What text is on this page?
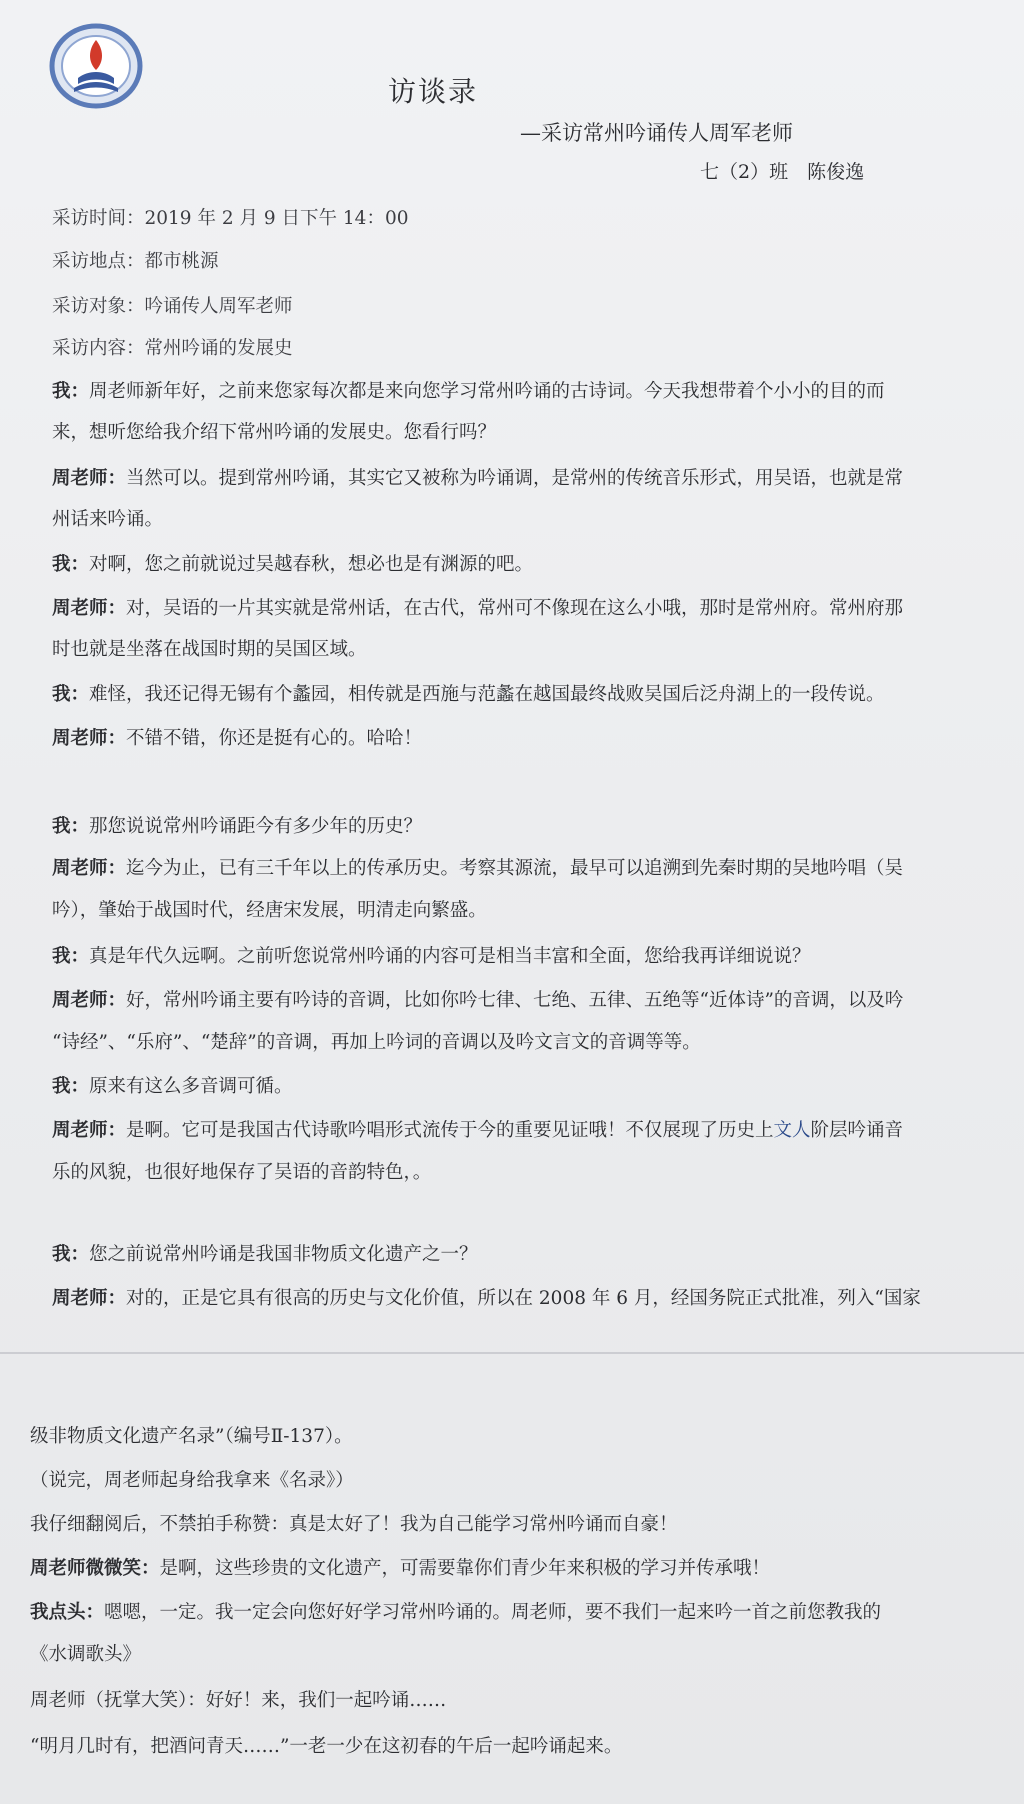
访谈录
—采访常州吟诵传人周军老师
七（2）班　陈俊逸
采访时间：2019 年 2 月 9 日下午 14：00
采访地点：都市桃源
采访对象：吟诵传人周军老师
采访内容：常州吟诵的发展史
我：周老师新年好，之前来您家每次都是来向您学习常州吟诵的古诗词。今天我想带着个小小的目的而
来，想听您给我介绍下常州吟诵的发展史。您看行吗？
周老师：当然可以。提到常州吟诵，其实它又被称为吟诵调，是常州的传统音乐形式，用吴语，也就是常
州话来吟诵。
我：对啊，您之前就说过吴越春秋，想必也是有渊源的吧。
周老师：对，吴语的一片其实就是常州话，在古代，常州可不像现在这么小哦，那时是常州府。常州府那
时也就是坐落在战国时期的吴国区域。
我：难怪，我还记得无锡有个蠡园，相传就是西施与范蠡在越国最终战败吴国后泛舟湖上的一段传说。
周老师：不错不错，你还是挺有心的。哈哈！
我：那您说说常州吟诵距今有多少年的历史？
周老师：迄今为止，已有三千年以上的传承历史。考察其源流，最早可以追溯到先秦时期的吴地吟唱（吴
吟），肇始于战国时代，经唐宋发展，明清走向繁盛。
我：真是年代久远啊。之前听您说常州吟诵的内容可是相当丰富和全面，您给我再详细说说？
周老师：好，常州吟诵主要有吟诗的音调，比如你吟七律、七绝、五律、五绝等“近体诗”的音调，以及吟
“诗经”、“乐府”、“楚辞”的音调，再加上吟词的音调以及吟文言文的音调等等。
我：原来有这么多音调可循。
周老师：是啊。它可是我国古代诗歌吟唱形式流传于今的重要见证哦！不仅展现了历史上文人阶层吟诵音
乐的风貌，也很好地保存了吴语的音韵特色，。
我：您之前说常州吟诵是我国非物质文化遗产之一？
周老师：对的，正是它具有很高的历史与文化价值，所以在 2008 年 6 月，经国务院正式批准，列入“国家
级非物质文化遗产名录”（编号Ⅱ-137）。
（说完，周老师起身给我拿来《名录》）
我仔细翻阅后，不禁拍手称赞：真是太好了！我为自己能学习常州吟诵而自豪！
周老师微微笑：是啊，这些珍贵的文化遗产，可需要靠你们青少年来积极的学习并传承哦！
我点头：嗯嗯，一定。我一定会向您好好学习常州吟诵的。周老师，要不我们一起来吟一首之前您教我的
《水调歌头》
周老师（抚掌大笑）：好好！来，我们一起吟诵……
“明月几时有，把酒问青天……”一老一少在这初春的午后一起吟诵起来。
